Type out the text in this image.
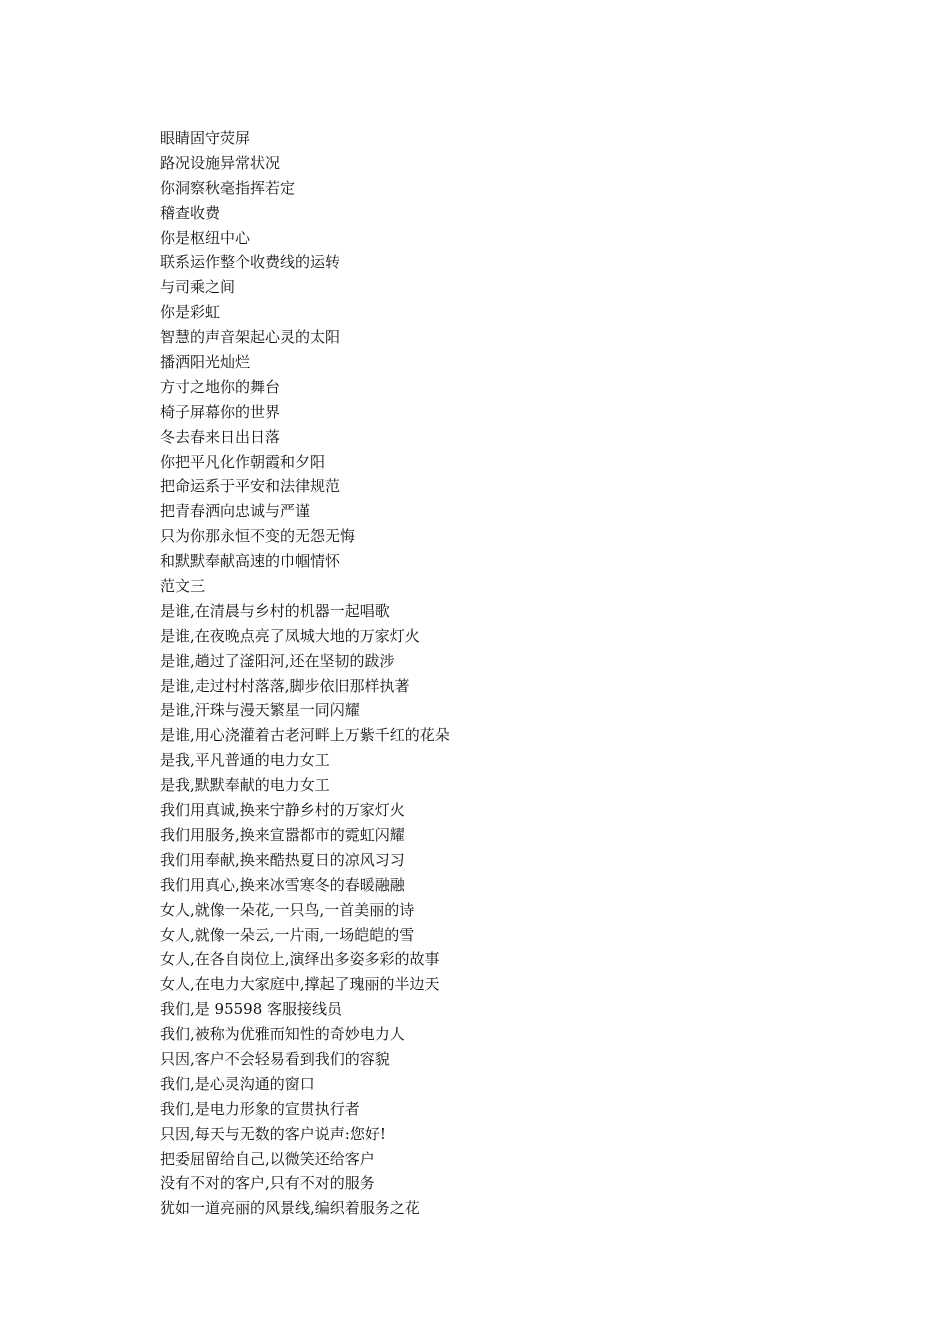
眼睛固守荧屏
路况设施异常状况
你洞察秋毫指挥若定
稽查收费
你是枢纽中心
联系运作整个收费线的运转
与司乘之间
你是彩虹
智慧的声音架起心灵的太阳
播洒阳光灿烂
方寸之地你的舞台
椅子屏幕你的世界
冬去春来日出日落
你把平凡化作朝霞和夕阳
把命运系于平安和法律规范
把青春洒向忠诚与严谨
只为你那永恒不变的无怨无悔
和默默奉献高速的巾帼情怀
范文三
是谁,在清晨与乡村的机器一起唱歌
是谁,在夜晚点亮了凤城大地的万家灯火
是谁,趟过了滏阳河,还在坚韧的跋涉
是谁,走过村村落落,脚步依旧那样执著
是谁,汗珠与漫天繁星一同闪耀
是谁,用心浇灌着古老河畔上万紫千红的花朵
是我,平凡普通的电力女工
是我,默默奉献的电力女工
我们用真诚,换来宁静乡村的万家灯火
我们用服务,换来宣嚣都市的霓虹闪耀
我们用奉献,换来酷热夏日的凉风习习
我们用真心,换来冰雪寒冬的春暖融融
女人,就像一朵花,一只鸟,一首美丽的诗
女人,就像一朵云,一片雨,一场皑皑的雪
女人,在各自岗位上,演绎出多姿多彩的故事
女人,在电力大家庭中,撑起了瑰丽的半边天
我们,是 95598 客服接线员
我们,被称为优雅而知性的奇妙电力人
只因,客户不会轻易看到我们的容貌
我们,是心灵沟通的窗口
我们,是电力形象的宣贯执行者
只因,每天与无数的客户说声:您好!
把委屈留给自己,以微笑还给客户
没有不对的客户,只有不对的服务
犹如一道亮丽的风景线,编织着服务之花
